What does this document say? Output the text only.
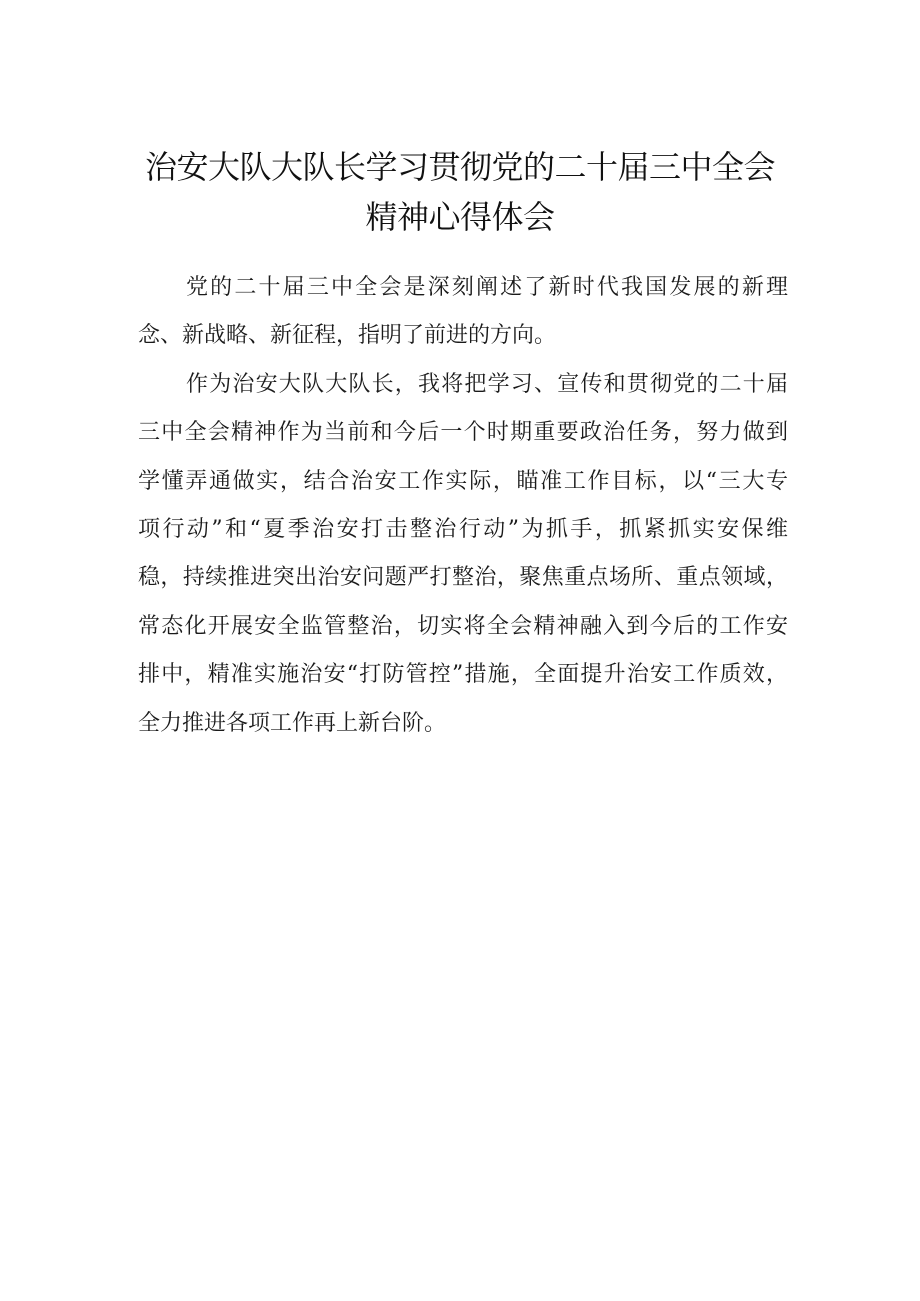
治安大队大队长学习贯彻党的二十届三中全会
精神心得体会
党的二十届三中全会是深刻阐述了新时代我国发展的新理
念、新战略、新征程，指明了前进的方向。
作为治安大队大队长，我将把学习、宣传和贯彻党的二十届
三中全会精神作为当前和今后一个时期重要政治任务，努力做到
学懂弄通做实，结合治安工作实际，瞄准工作目标，以“三大专
项行动”和“夏季治安打击整治行动”为抓手，抓紧抓实安保维
稳，持续推进突出治安问题严打整治，聚焦重点场所、重点领域，
常态化开展安全监管整治，切实将全会精神融入到今后的工作安
排中，精准实施治安“打防管控”措施，全面提升治安工作质效，
全力推进各项工作再上新台阶。
